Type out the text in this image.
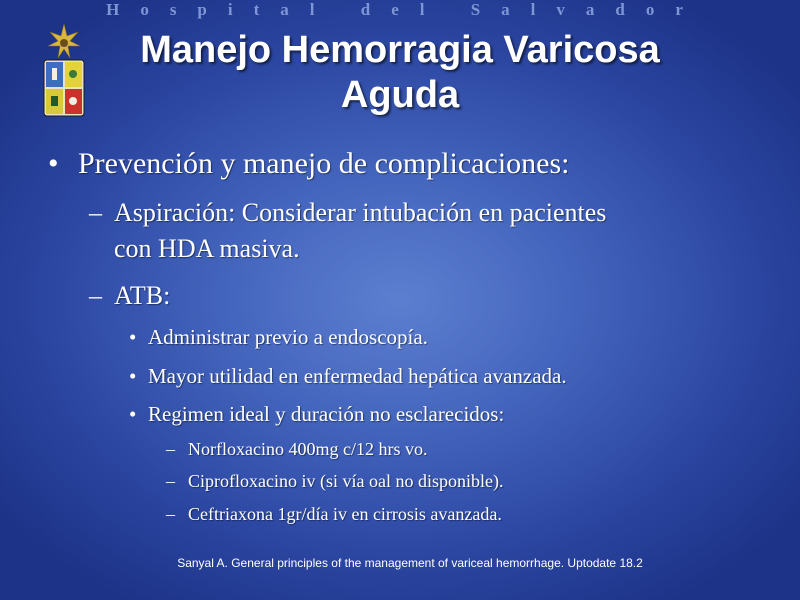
Hospital del Salvador
Manejo Hemorragia Varicosa
Aguda
• Prevención y manejo de complicaciones:
– Aspiración: Considerar intubación en pacientes
con HDA masiva.
– ATB:
• Administrar previo a endoscopía.
• Mayor utilidad en enfermedad hepática avanzada.
• Regimen ideal y duración no esclarecidos:
– Norfloxacino 400mg c/12 hrs vo.
– Ciprofloxacino iv (si vía oal no disponible).
– Ceftriaxona 1gr/día iv en cirrosis avanzada.
Sanyal A. General principles of the management of variceal hemorrhage. Uptodate 18.2
